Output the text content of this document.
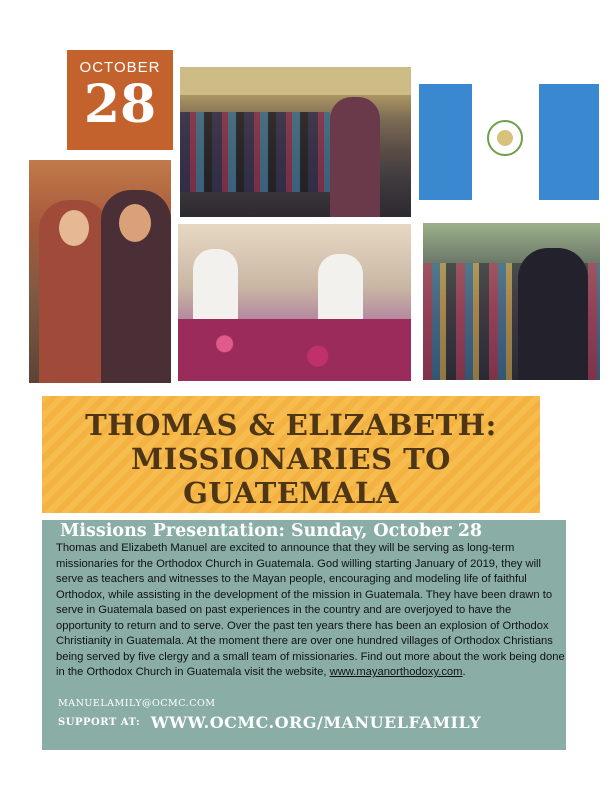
OCTOBER
28
THOMAS & ELIZABETH: MISSIONARIES TO GUATEMALA

Missions Presentation: Sunday, October 28

Thomas and Elizabeth Manuel are excited to announce that they will be serving as long-term missionaries for the Orthodox Church in Guatemala. God willing starting January of 2019, they will serve as teachers and witnesses to the Mayan people, encouraging and modeling life of faithful Orthodox, while assisting in the development of the mission in Guatemala. They have been drawn to serve in Guatemala based on past experiences in the country and are overjoyed to have the opportunity to return and to serve. Over the past ten years there has been an explosion of Orthodox Christianity in Guatemala. At the moment there are over one hundred villages of Orthodox Christians being served by five clergy and a small team of missionaries. Find out more about the work being done in the Orthodox Church in Guatemala visit the website, www.mayanorthodoxy.com.

MANUELAMILY@OCMC.COM

SUPPORT AT: WWW.OCMC.ORG/MANUELFAMILY
